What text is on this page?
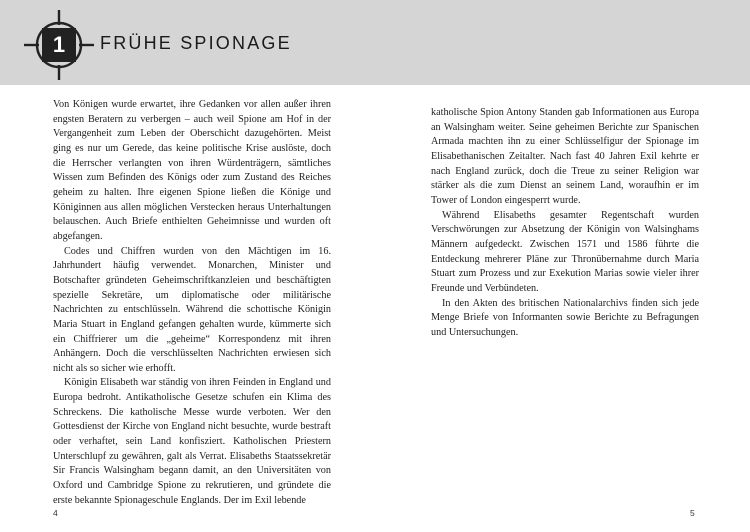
1	FRÜHE SPIONAGE

Von Königen wurde erwartet, ihre Gedanken vor allen außer ihren engsten Beratern zu verbergen – auch weil Spione am Hof in der Vergangenheit zum Leben der Oberschicht dazugehörten. Meist ging es nur um Gerede, das keine politische Krise auslöste, doch die Herrscher verlangten von ihren Würdenträgern, sämtliches Wissen zum Befinden des Königs oder zum Zustand des Reiches geheim zu halten. Ihre eigenen Spione ließen die Könige und Königinnen aus allen möglichen Verstecken heraus Unterhaltungen belauschen. Auch Briefe enthielten Geheimnisse und wurden oft abgefangen.

Codes und Chiffren wurden von den Mächtigen im 16. Jahrhundert häufig verwendet. Monarchen, Minister und Botschafter gründeten Geheimschriftkanzleien und beschäftigten spezielle Sekretäre, um diplomatische oder militärische Nachrichten zu entschlüsseln. Während die schottische Königin Maria Stuart in England gefangen gehalten wurde, kümmerte sich ein Chiffrierer um die „geheime“ Korrespondenz mit ihren Anhängern. Doch die verschlüsselten Nachrichten erwiesen sich nicht als so sicher wie erhofft.

Königin Elisabeth war ständig von ihren Feinden in England und Europa bedroht. Antikatholische Gesetze schufen ein Klima des Schreckens. Die katholische Messe wurde verboten. Wer den Gottesdienst der Kirche von England nicht besuchte, wurde bestraft oder verhaftet, sein Land konfisziert. Katholischen Priestern Unterschlupf zu gewähren, galt als Verrat. Elisabeths Staatssekretär Sir Francis Walsingham begann damit, an den Universitäten von Oxford und Cambridge Spione zu rekrutieren, und gründete die erste bekannte Spionageschule Englands. Der im Exil lebende

katholische Spion Antony Standen gab Informationen aus Europa an Walsingham weiter. Seine geheimen Berichte zur Spanischen Armada machten ihn zu einer Schlüsselfigur der Spionage im Elisabethanischen Zeitalter. Nach fast 40 Jahren Exil kehrte er nach England zurück, doch die Treue zu seiner Religion war stärker als die zum Dienst an seinem Land, woraufhin er im Tower of London eingesperrt wurde.

Während Elisabeths gesamter Regentschaft wurden Verschwörungen zur Absetzung der Königin von Walsinghams Männern aufgedeckt. Zwischen 1571 und 1586 führte die Entdeckung mehrerer Pläne zur Thronübernahme durch Maria Stuart zum Prozess und zur Exekution Marias sowie vieler ihrer Freunde und Verbündeten.

In den Akten des britischen Nationalarchivs finden sich jede Menge Briefe von Informanten sowie Berichte zu Befragungen und Untersuchungen.

4	5
